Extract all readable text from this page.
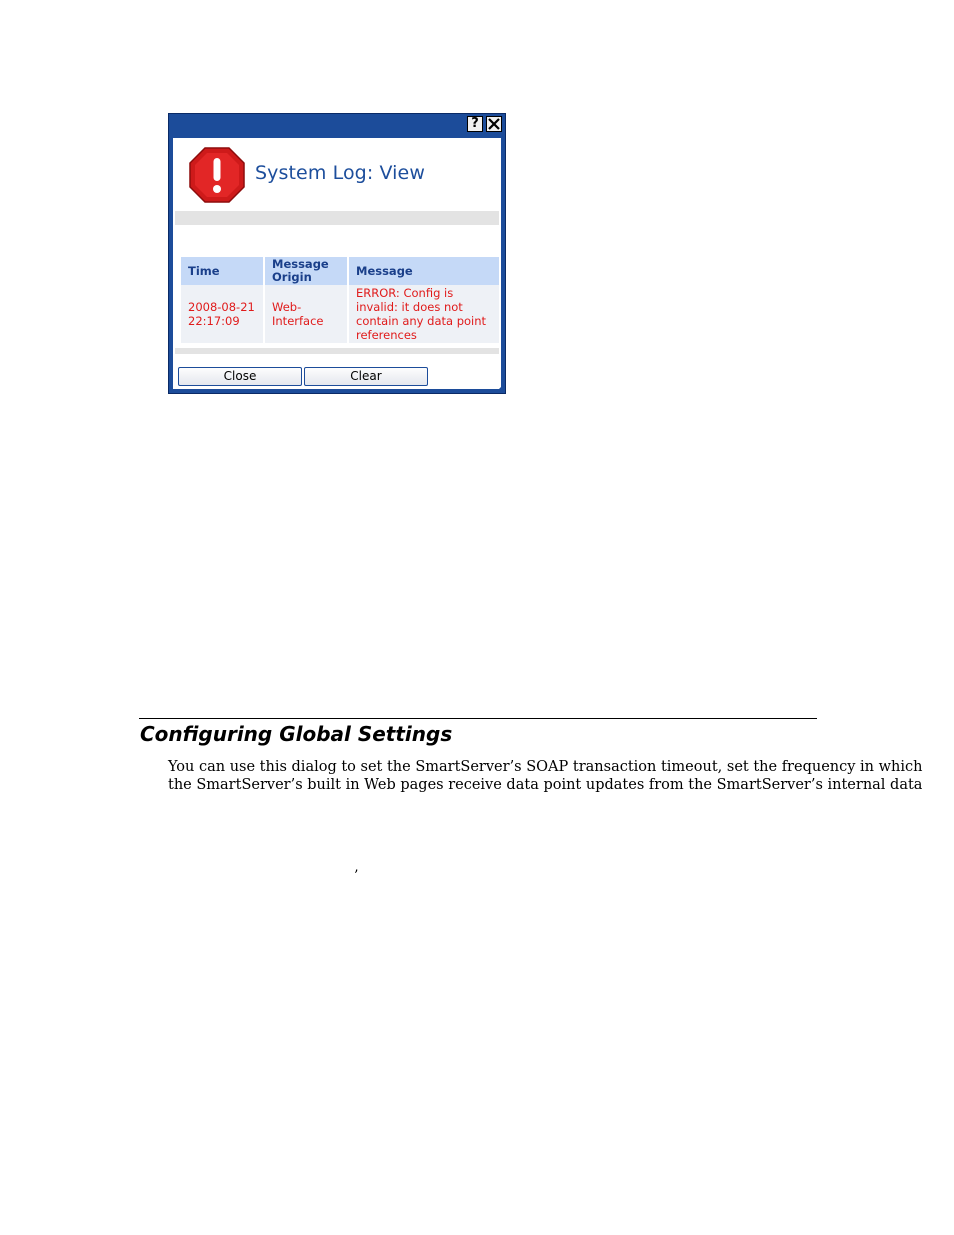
?
System Log: View
Time	Message Origin	Message
2008-08-21 22:17:09	Web-Interface	ERROR: Config is invalid: it does not contain any data point references
Close	Clear
Configuring Global Settings
You can use this dialog to set the SmartServer’s SOAP transaction timeout, set the frequency in which
the SmartServer’s built in Web pages receive data point updates from the SmartServer’s internal data
’
